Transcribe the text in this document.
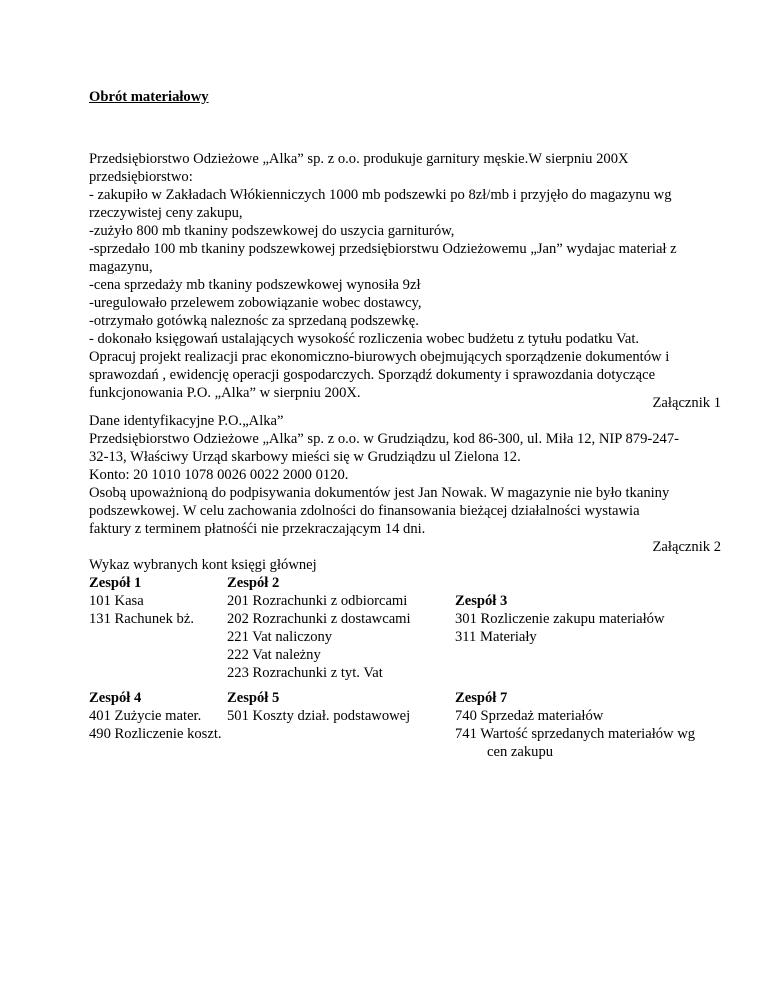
Obrót materiałowy

Przedsiębiorstwo Odzieżowe „Alka” sp. z o.o. produkuje garnitury męskie.W sierpniu 200X

przedsiębiorstwo:

- zakupiło w Zakładach Włókienniczych 1000 mb podszewki po 8zł/mb i przyjęło do magazynu wg

rzeczywistej ceny zakupu,

-zużyło 800 mb tkaniny podszewkowej do uszycia garniturów,

-sprzedało 100 mb tkaniny podszewkowej przedsiębiorstwu Odzieżowemu „Jan” wydajac materiał z

magazynu,

-cena sprzedaży mb tkaniny podszewkowej wynosiła 9zł

-uregulowało przelewem zobowiązanie wobec dostawcy,

-otrzymało gotówką naleznośc za sprzedaną podszewkę.

- dokonało księgowań ustalających wysokość rozliczenia wobec budżetu z tytułu podatku Vat.

Opracuj projekt realizacji prac ekonomiczno-biurowych obejmujących sporządzenie dokumentów i

sprawozdań , ewidencję operacji gospodarczych. Sporządź dokumenty i sprawozdania dotyczące

funkcjonowania P.O. „Alka” w sierpniu 200X.

Załącznik 1

Dane identyfikacyjne P.O.„Alka”

Przedsiębiorstwo Odzieżowe „Alka” sp. z o.o. w Grudziądzu, kod 86-300, ul. Miła 12, NIP 879-247-

32-13, Właściwy Urząd skarbowy mieści się w Grudziądzu ul Zielona 12.

Konto: 20 1010 1078 0026 0022 2000 0120.

Osobą upoważnioną do podpisywania dokumentów jest Jan Nowak. W magazynie nie było tkaniny

podszewkowej. W celu zachowania zdolności do finansowania bieżącej działalności wystawia

faktury z terminem płatnośći nie przekraczającym 14 dni.

Załącznik 2

Wykaz wybranych kont księgi głównej

Zespół 1

101 Kasa

131 Rachunek bż.

Zespół 2

201 Rozrachunki z odbiorcami

202 Rozrachunki z dostawcami

221 Vat naliczony

222 Vat należny

223 Rozrachunki z tyt. Vat

Zespół 3

301 Rozliczenie zakupu materiałów

311 Materiały

Zespół 4

401 Zużycie mater.

490 Rozliczenie koszt.

Zespół 5

501 Koszty dział. podstawowej

Zespół 7

740 Sprzedaż materiałów

741 Wartość sprzedanych materiałów wg

cen zakupu
